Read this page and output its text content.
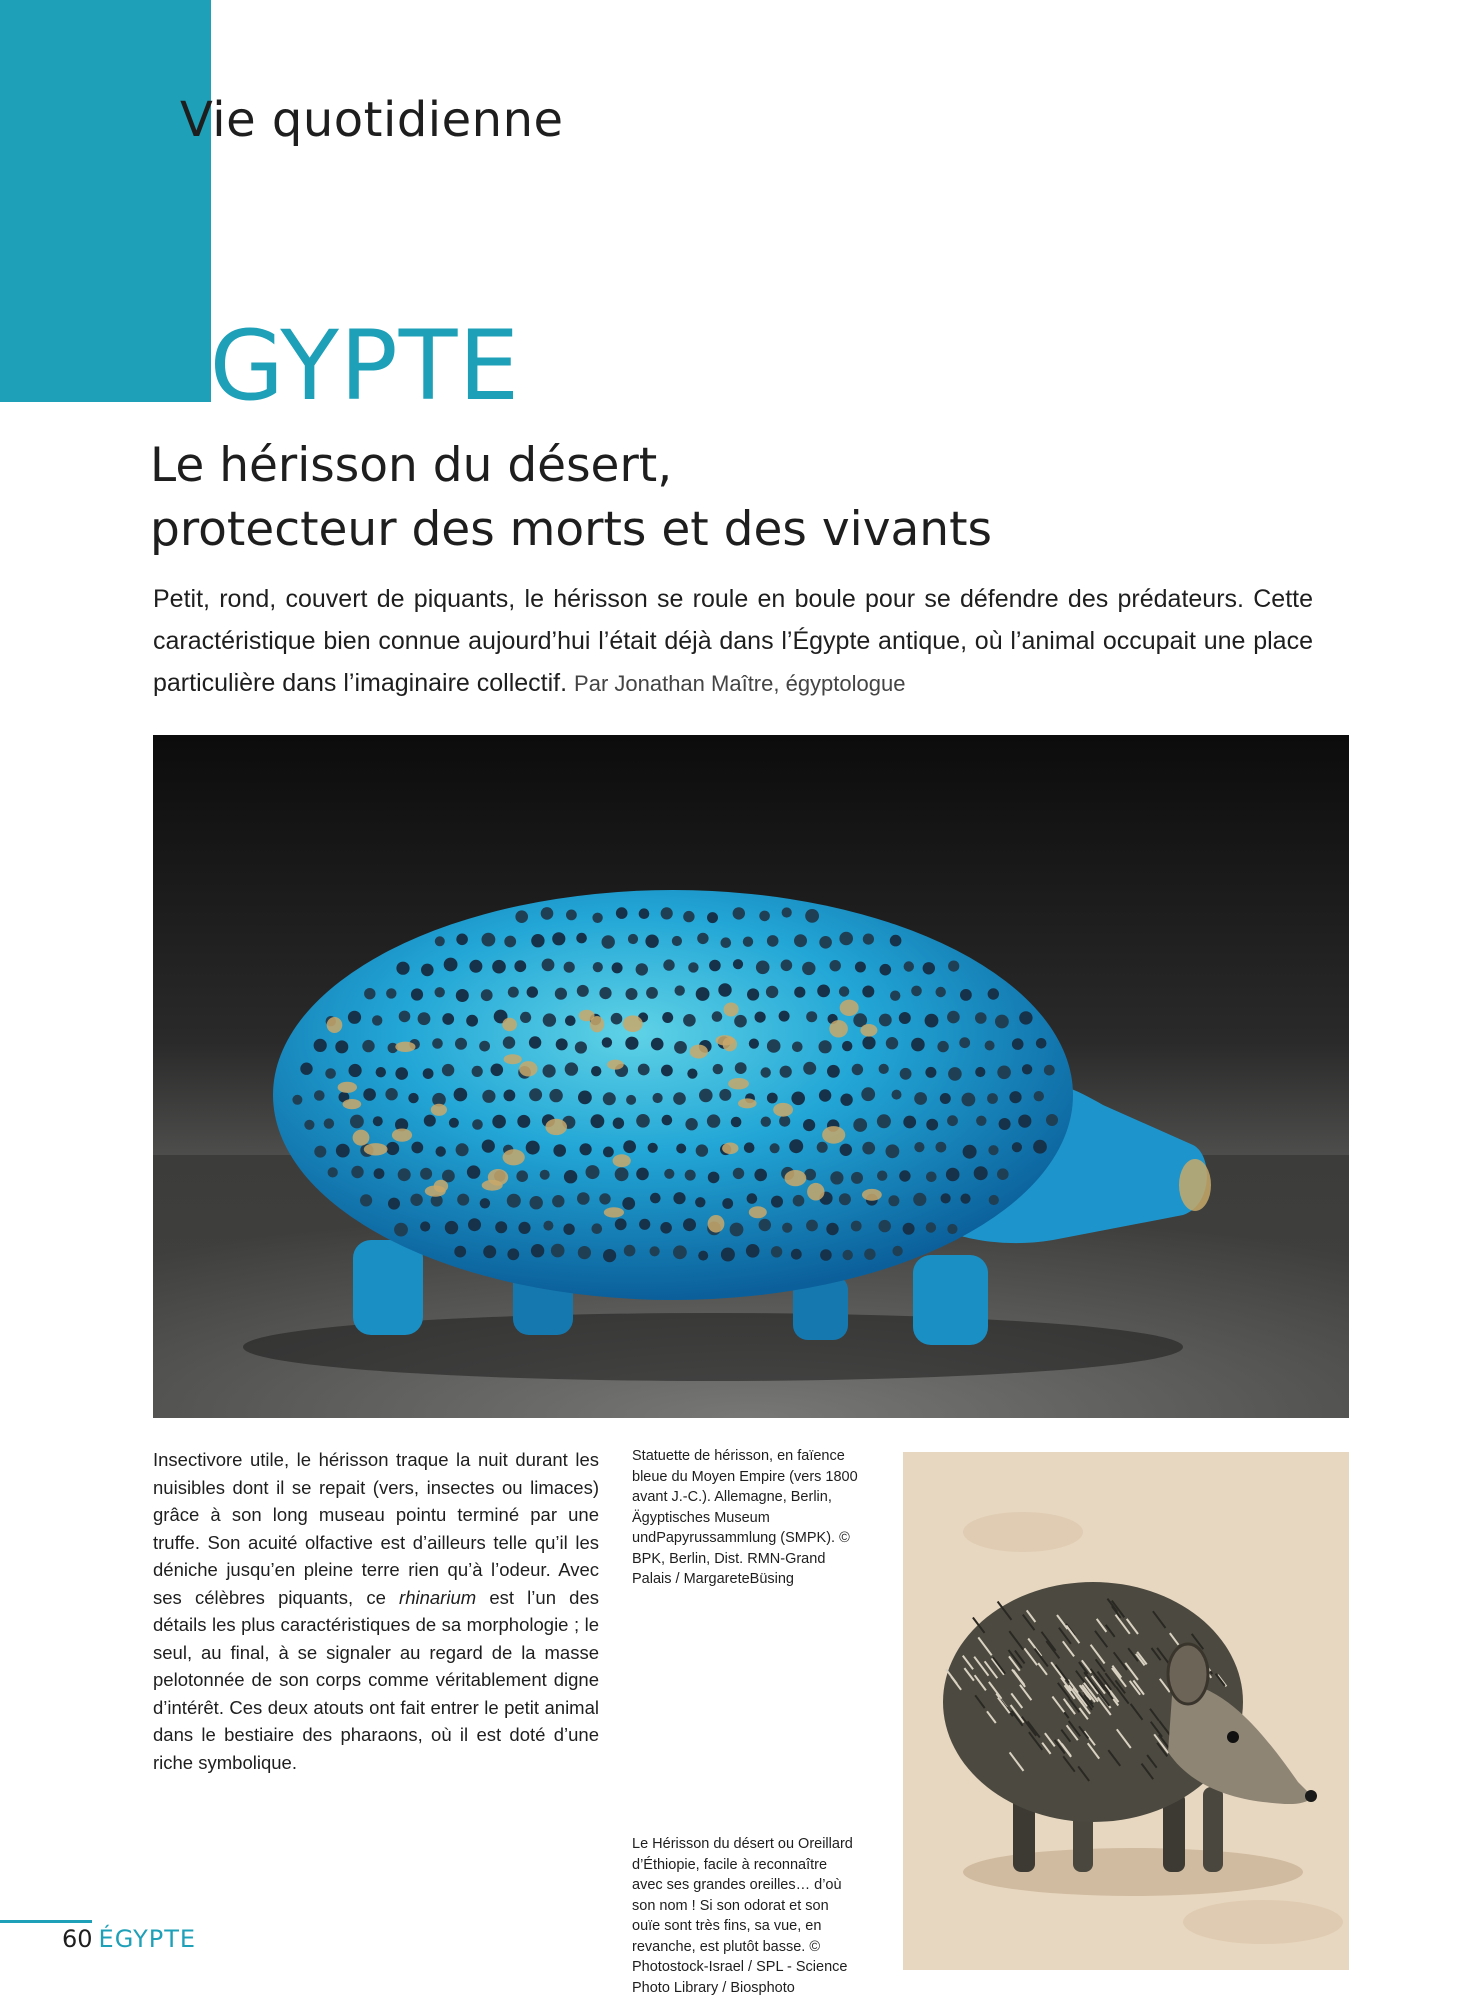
Vie quotidienne
ÉGYPTE
Le hérisson du désert,
protecteur des morts et des vivants

Petit, rond, couvert de piquants, le hérisson se roule en boule pour se défendre des prédateurs. Cette caractéristique bien connue aujourd’hui l’était déjà dans l’Égypte antique, où l’animal occupait une place particulière dans l’imaginaire collectif. Par Jonathan Maître, égyptologue

Insectivore utile, le hérisson traque la nuit durant les nuisibles dont il se repait (vers, insectes ou limaces) grâce à son long museau pointu terminé par une truffe. Son acuité olfactive est d’ailleurs telle qu’il les déniche jusqu’en pleine terre rien qu’à l’odeur. Avec ses célèbres piquants, ce rhinarium est l’un des détails les plus caractéristiques de sa morphologie ; le seul, au final, à se signaler au regard de la masse pelotonnée de son corps comme véritablement digne d’intérêt. Ces deux atouts ont fait entrer le petit animal dans le bestiaire des pharaons, où il est doté d’une riche symbolique.

Statuette de hérisson, en faïence bleue du Moyen Empire (vers 1800 avant J.-C.). Allemagne, Berlin, Ägyptisches Museum undPapyrussammlung (SMPK). © BPK, Berlin, Dist. RMN-Grand Palais / MargareteBüsing

Le Hérisson du désert ou Oreillard d’Éthiopie, facile à reconnaître avec ses grandes oreilles… d’où son nom ! Si son odorat et son ouïe sont très fins, sa vue, en revanche, est plutôt basse. © Photostock-Israel / SPL - Science Photo Library / Biosphoto

60 ÉGYPTE
